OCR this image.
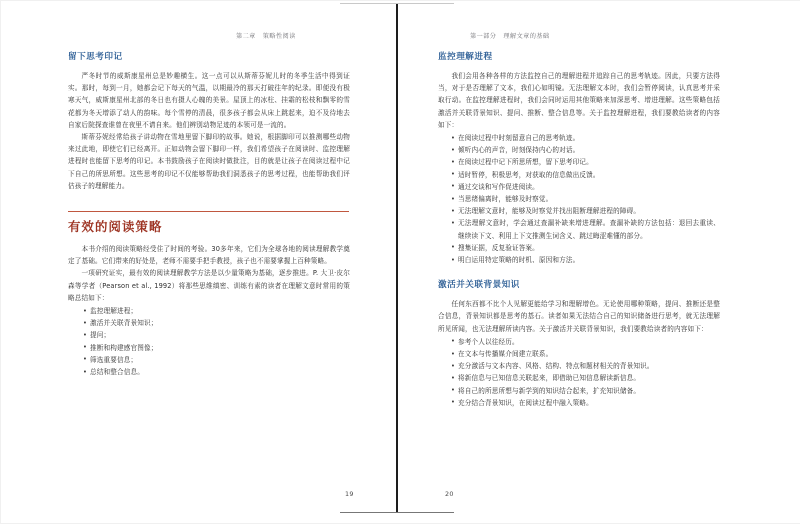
第二章 策略性阅读
留下思考印记

严冬时节的威斯康星州总是妙趣横生。这一点可以从斯蒂芬妮儿时的冬季生活中得到证实。那时，每到一月，她都会记下每天的气温，以期最冷的那天打破往年的纪录。即便没有极寒天气，威斯康星州北部的冬日也有摄人心魄的美景。屋顶上的冰柱、挂霜的松枝和飘零的雪花都为冬天增添了动人的韵味。每个雪停的清晨，很多孩子都会从床上跳起来，迫不及待地去自家后院探查谁曾在夜里不请自来。他们辨别动物足迹的本领可是一流的。

斯蒂芬妮经常给孩子讲动物在雪地里留下脚印的故事。她说，根据脚印可以推测哪些动物来过此地，即使它们已经离开。正如动物会留下脚印一样，我们希望孩子在阅读时、监控理解进程时也能留下思考的印记。本书鼓励孩子在阅读时做批注，目的就是让孩子在阅读过程中记下自己的所思所想。这些思考的印记不仅能够帮助我们洞悉孩子的思考过程，也能帮助我们评估孩子的理解能力。

有效的阅读策略

本书介绍的阅读策略经受住了时间的考验。30多年来，它们为全球各地的阅读理解教学奠定了基础。它们带来的好处是，老师不需要手把手教授，孩子也不需要掌握上百种策略。

一项研究证实，最有效的阅读理解教学方法是以少量策略为基础，逐步推进。P. 大卫·皮尔森等学者（Pearson et al., 1992）将那些思维缜密、训练有素的读者在理解文意时常用的策略总结如下：

• 监控理解进程；
• 激活并关联背景知识；
• 提问；
• 推断和构建感官图像；
• 筛选重要信息；
• 总结和整合信息。
19
第一部分 理解文章的基础
监控理解进程

我们会用各种各样的方法监控自己的理解进程并追踪自己的思考轨迹。因此，只要方法得当，对于是否理解了文本，我们心如明镜。无法理解文本时，我们会暂停阅读，认真思考并采取行动。在监控理解进程时，我们会同时运用其他策略来加深思考、增进理解。这些策略包括激活并关联背景知识、提问、推断、整合信息等。关于监控理解进程，我们要教给读者的内容如下：

• 在阅读过程中时刻留意自己的思考轨迹。
• 倾听内心的声音，时刻保持内心的对话。
• 在阅读过程中记下所思所想，留下思考印记。
• 适时暂停，积极思考，对获取的信息做出反馈。
• 通过交谈和写作促进阅读。
• 当思绪偏离时，能够及时察觉。
• 无法理解文意时，能够及时察觉并找出阻断理解进程的障碍。
• 无法理解文意时，学会通过查漏补缺来增进理解。查漏补缺的方法包括：退回去重读、继续读下文、利用上下文推测生词含义、跳过晦涩难懂的部分。
• 搜集证据，反复验证答案。
• 明白运用特定策略的时机、原因和方法。
激活并关联背景知识

任何东西都不比个人见解更能给学习和理解增色。无论使用哪种策略，提问、推断还是整合信息，背景知识都是思考的基石。读者如果无法结合自己的知识储备进行思考，就无法理解所见所闻，也无法理解所读内容。关于激活并关联背景知识，我们要教给读者的内容如下：

• 参考个人以往经历。
• 在文本与传播媒介间建立联系。
• 充分激活与文本内容、风格、结构、特点和题材相关的背景知识。
• 将新信息与已知信息关联起来，即借助已知信息解读新信息。
• 将自己的所思所想与新学到的知识结合起来，扩充知识储备。
• 充分结合背景知识，在阅读过程中融入策略。
20
